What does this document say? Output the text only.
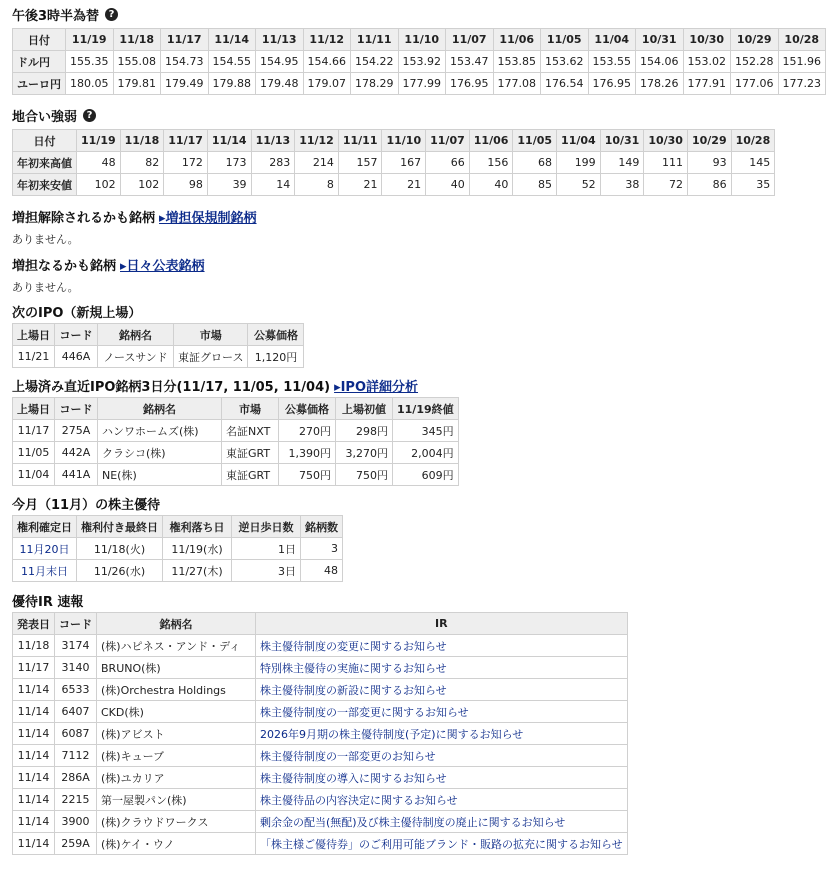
午後3時半為替 ?
日付	11/19	11/18	11/17	11/14	11/13	11/12	11/11	11/10	11/07	11/06	11/05	11/04	10/31	10/30	10/29	10/28
ドル円	155.35	155.08	154.73	154.55	154.95	154.66	154.22	153.92	153.47	153.85	153.62	153.55	154.06	153.02	152.28	151.96
ユーロ円	180.05	179.81	179.49	179.88	179.48	179.07	178.29	177.99	176.95	177.08	176.54	176.95	178.26	177.91	177.06	177.23
地合い強弱 ?
日付	11/19	11/18	11/17	11/14	11/13	11/12	11/11	11/10	11/07	11/06	11/05	11/04	10/31	10/30	10/29	10/28
年初来高値	48	82	172	173	283	214	157	167	66	156	68	199	149	111	93	145
年初来安値	102	102	98	39	14	8	21	21	40	40	85	52	38	72	86	35
増担解除されるかも銘柄 ▸増担保規制銘柄
ありません。
増担なるかも銘柄 ▸日々公表銘柄
ありません。
次のIPO（新規上場）
上場日	コード	銘柄名	市場	公募価格
11/21	446A	ノースサンド	東証グロース	1,120円
上場済み直近IPO銘柄3日分(11/17, 11/05, 11/04) ▸IPO詳細分析
上場日	コード	銘柄名	市場	公募価格	上場初値	11/19終値
11/17	275A	ハンワホームズ(株)	名証NXT	270円	298円	345円
11/05	442A	クラシコ(株)	東証GRT	1,390円	3,270円	2,004円
11/04	441A	NE(株)	東証GRT	750円	750円	609円
今月（11月）の株主優待
権利確定日	権利付き最終日	権利落ち日	逆日歩日数	銘柄数
11月20日	11/18(火)	11/19(水)	1日	3
11月末日	11/26(水)	11/27(木)	3日	48
優待IR 速報
発表日	コード	銘柄名	IR
11/18	3174	(株)ハピネス・アンド・ディ	株主優待制度の変更に関するお知らせ
11/17	3140	BRUNO(株)	特別株主優待の実施に関するお知らせ
11/14	6533	(株)Orchestra Holdings	株主優待制度の新設に関するお知らせ
11/14	6407	CKD(株)	株主優待制度の一部変更に関するお知らせ
11/14	6087	(株)アビスト	2026年9月期の株主優待制度(予定)に関するお知らせ
11/14	7112	(株)キューブ	株主優待制度の一部変更のお知らせ
11/14	286A	(株)ユカリア	株主優待制度の導入に関するお知らせ
11/14	2215	第一屋製パン(株)	株主優待品の内容決定に関するお知らせ
11/14	3900	(株)クラウドワークス	剰余金の配当(無配)及び株主優待制度の廃止に関するお知らせ
11/14	259A	(株)ケイ・ウノ	「株主様ご優待券」のご利用可能ブランド・販路の拡充に関するお知らせ
